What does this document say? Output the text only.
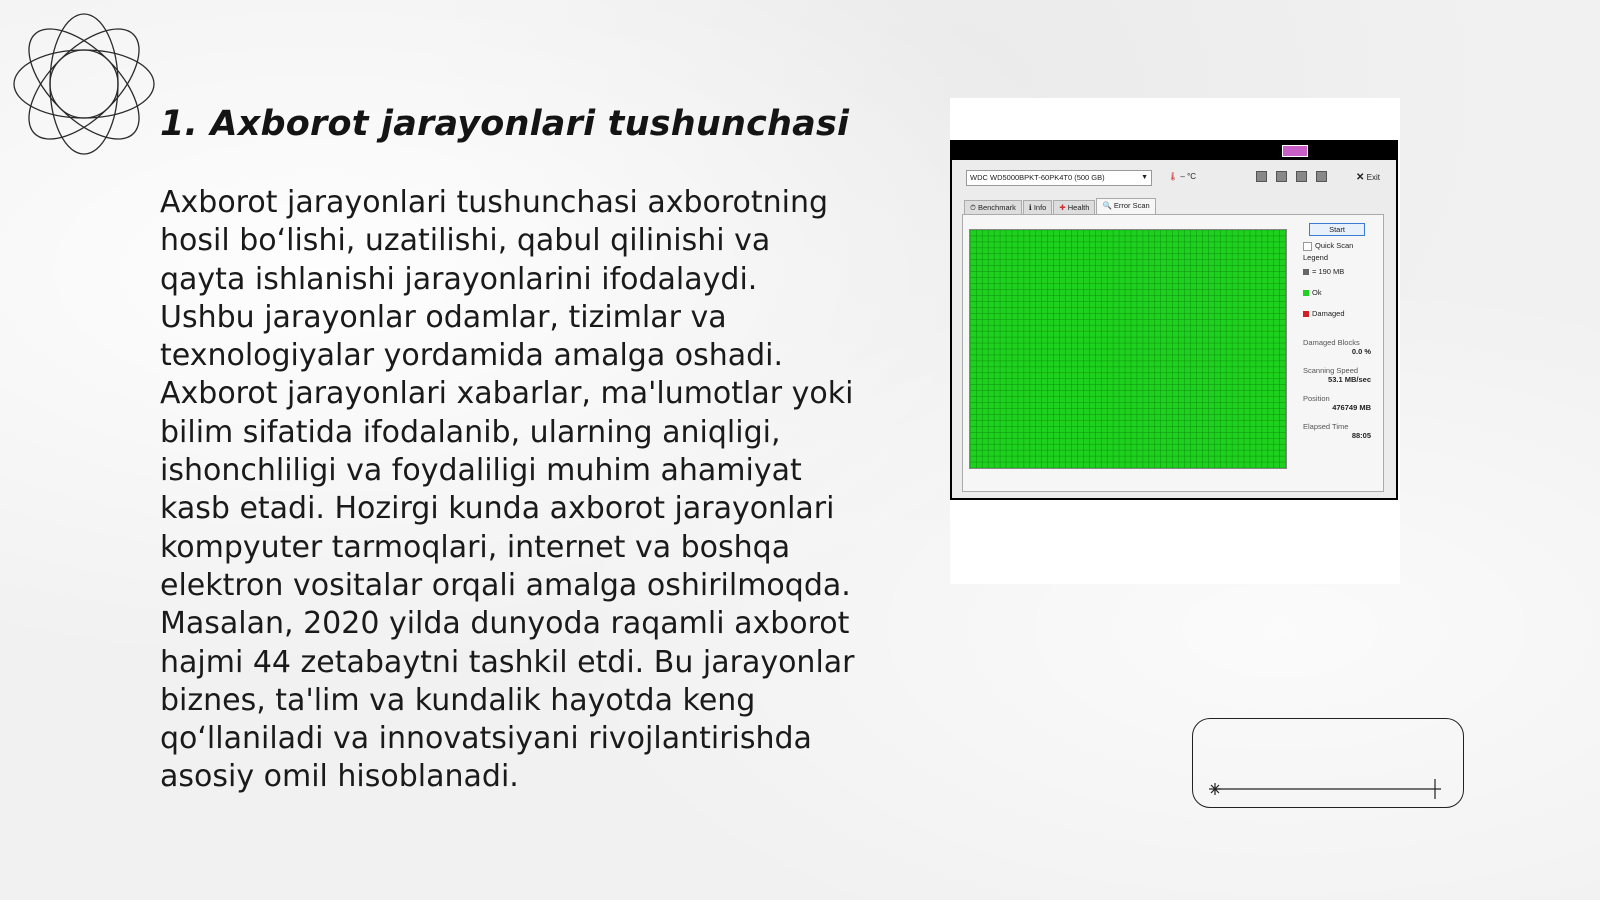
1. Axborot jarayonlari tushunchasi

Axborot jarayonlari tushunchasi axborotning hosil bo‘lishi, uzatilishi, qabul qilinishi va qayta ishlanishi jarayonlarini ifodalaydi. Ushbu jarayonlar odamlar, tizimlar va texnologiyalar yordamida amalga oshadi. Axborot jarayonlari xabarlar, ma'lumotlar yoki bilim sifatida ifodalanib, ularning aniqligi, ishonchliligi va foydaliligi muhim ahamiyat kasb etadi. Hozirgi kunda axborot jarayonlari kompyuter tarmoqlari, internet va boshqa elektron vositalar orqali amalga oshirilmoqda. Masalan, 2020 yilda dunyoda raqamli axborot hajmi 44 zetabaytni tashkil etdi. Bu jarayonlar biznes, ta'lim va kundalik hayotda keng qo‘llaniladi va innovatsiyani rivojlantirishda asosiy omil hisoblanadi.

WDC WD5000BPKT-60PK4T0 (500 GB)	▼	🌡 – °C	✕ Exit
⏱ Benchmark ℹ Info ✚ Health 🔍 Error Scan
Start
Quick Scan
Legend
= 190 MB
Ok
Damaged
Damaged Blocks
0.0 %
Scanning Speed
53.1 MB/sec
Position
476749 MB
Elapsed Time
88:05
